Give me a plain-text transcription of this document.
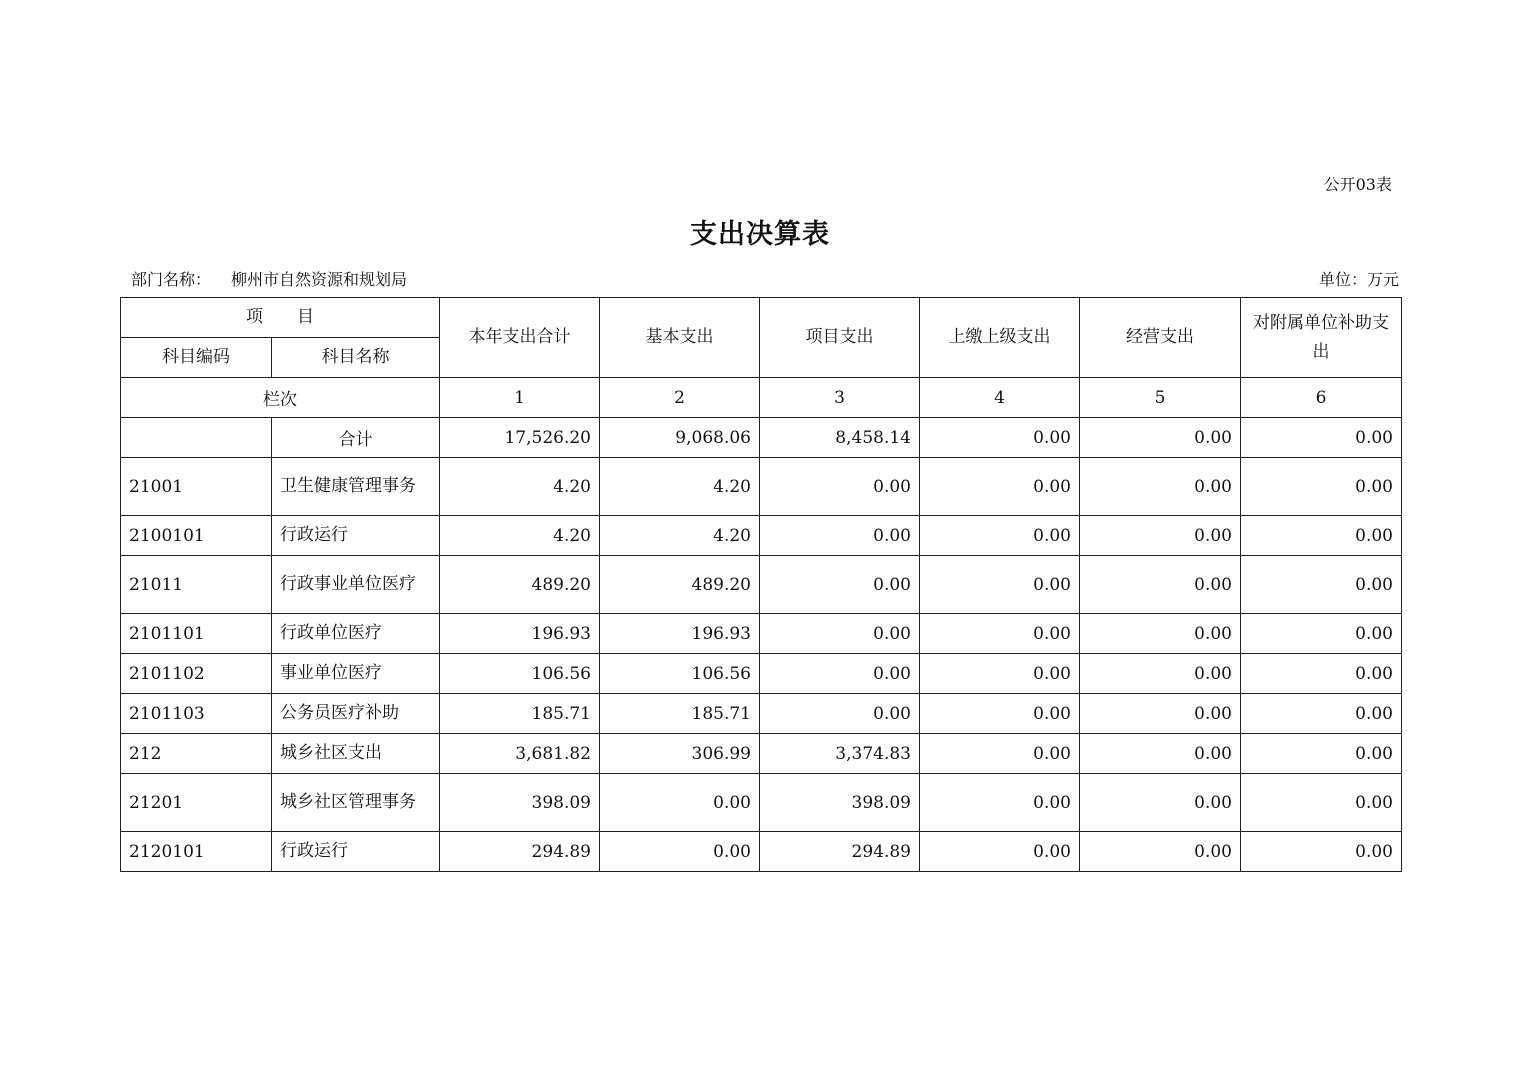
公开03表
支出决算表
部门名称： 柳州市自然资源和规划局	单位：万元
项　　目		本年支出合计	基本支出	项目支出	上缴上级支出	经营支出	对附属单位补助支出
科目编码	科目名称						
栏次		1	2	3	4	5	6
	合计	17,526.20	9,068.06	8,458.14	0.00	0.00	0.00
21001	卫生健康管理事务	4.20	4.20	0.00	0.00	0.00	0.00
2100101	行政运行	4.20	4.20	0.00	0.00	0.00	0.00
21011	行政事业单位医疗	489.20	489.20	0.00	0.00	0.00	0.00
2101101	行政单位医疗	196.93	196.93	0.00	0.00	0.00	0.00
2101102	事业单位医疗	106.56	106.56	0.00	0.00	0.00	0.00
2101103	公务员医疗补助	185.71	185.71	0.00	0.00	0.00	0.00
212	城乡社区支出	3,681.82	306.99	3,374.83	0.00	0.00	0.00
21201	城乡社区管理事务	398.09	0.00	398.09	0.00	0.00	0.00
2120101	行政运行	294.89	0.00	294.89	0.00	0.00	0.00
